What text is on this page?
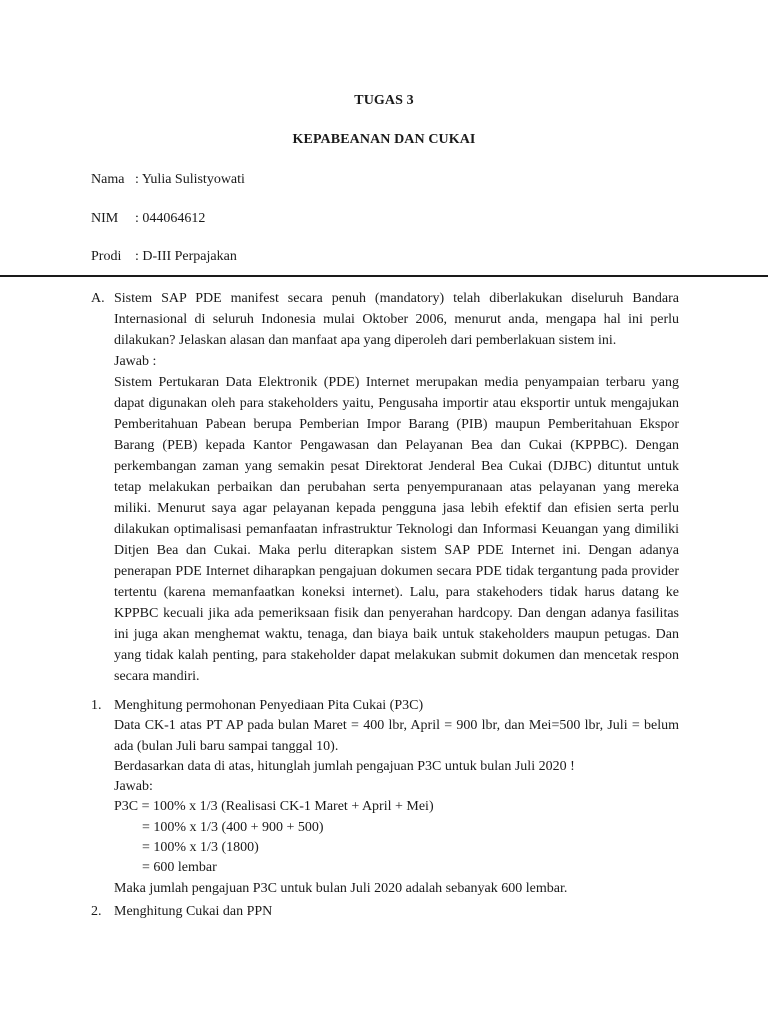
TUGAS 3
KEPABEANAN DAN CUKAI
Nama : Yulia Sulistyowati
NIM : 044064612
Prodi : D-III Perpajakan
A. Sistem SAP PDE manifest secara penuh (mandatory) telah diberlakukan diseluruh Bandara Internasional di seluruh Indonesia mulai Oktober 2006, menurut anda, mengapa hal ini perlu dilakukan? Jelaskan alasan dan manfaat apa yang diperoleh dari pemberlakuan sistem ini.

Jawab :

Sistem Pertukaran Data Elektronik (PDE) Internet merupakan media penyampaian terbaru yang dapat digunakan oleh para stakeholders yaitu, Pengusaha importir atau eksportir untuk mengajukan Pemberitahuan Pabean berupa Pemberian Impor Barang (PIB) maupun Pemberitahuan Ekspor Barang (PEB) kepada Kantor Pengawasan dan Pelayanan Bea dan Cukai (KPPBC). Dengan perkembangan zaman yang semakin pesat Direktorat Jenderal Bea Cukai (DJBC) dituntut untuk tetap melakukan perbaikan dan perubahan serta penyempuranaan atas pelayanan yang mereka miliki. Menurut saya agar pelayanan kepada pengguna jasa lebih efektif dan efisien serta perlu dilakukan optimalisasi pemanfaatan infrastruktur Teknologi dan Informasi Keuangan yang dimiliki Ditjen Bea dan Cukai. Maka perlu diterapkan sistem SAP PDE Internet ini. Dengan adanya penerapan PDE Internet diharapkan pengajuan dokumen secara PDE tidak tergantung pada provider tertentu (karena memanfaatkan koneksi internet). Lalu, para stakehoders tidak harus datang ke KPPBC kecuali jika ada pemeriksaan fisik dan penyerahan hardcopy. Dan dengan adanya fasilitas ini juga akan menghemat waktu, tenaga, dan biaya baik untuk stakeholders maupun petugas. Dan yang tidak kalah penting, para stakeholder dapat melakukan submit dokumen dan mencetak respon secara mandiri.

1. Menghitung permohonan Penyediaan Pita Cukai (P3C)

Data CK-1 atas PT AP pada bulan Maret = 400 lbr, April = 900 lbr, dan Mei=500 lbr, Juli = belum ada (bulan Juli baru sampai tanggal 10).

Berdasarkan data di atas, hitunglah jumlah pengajuan P3C untuk bulan Juli 2020 !

Jawab:

P3C = 100% x 1/3 (Realisasi CK-1 Maret + April + Mei)

= 100% x 1/3 (400 + 900 + 500)

= 100% x 1/3 (1800)

= 600 lembar

Maka jumlah pengajuan P3C untuk bulan Juli 2020 adalah sebanyak 600 lembar.

2. Menghitung Cukai dan PPN
